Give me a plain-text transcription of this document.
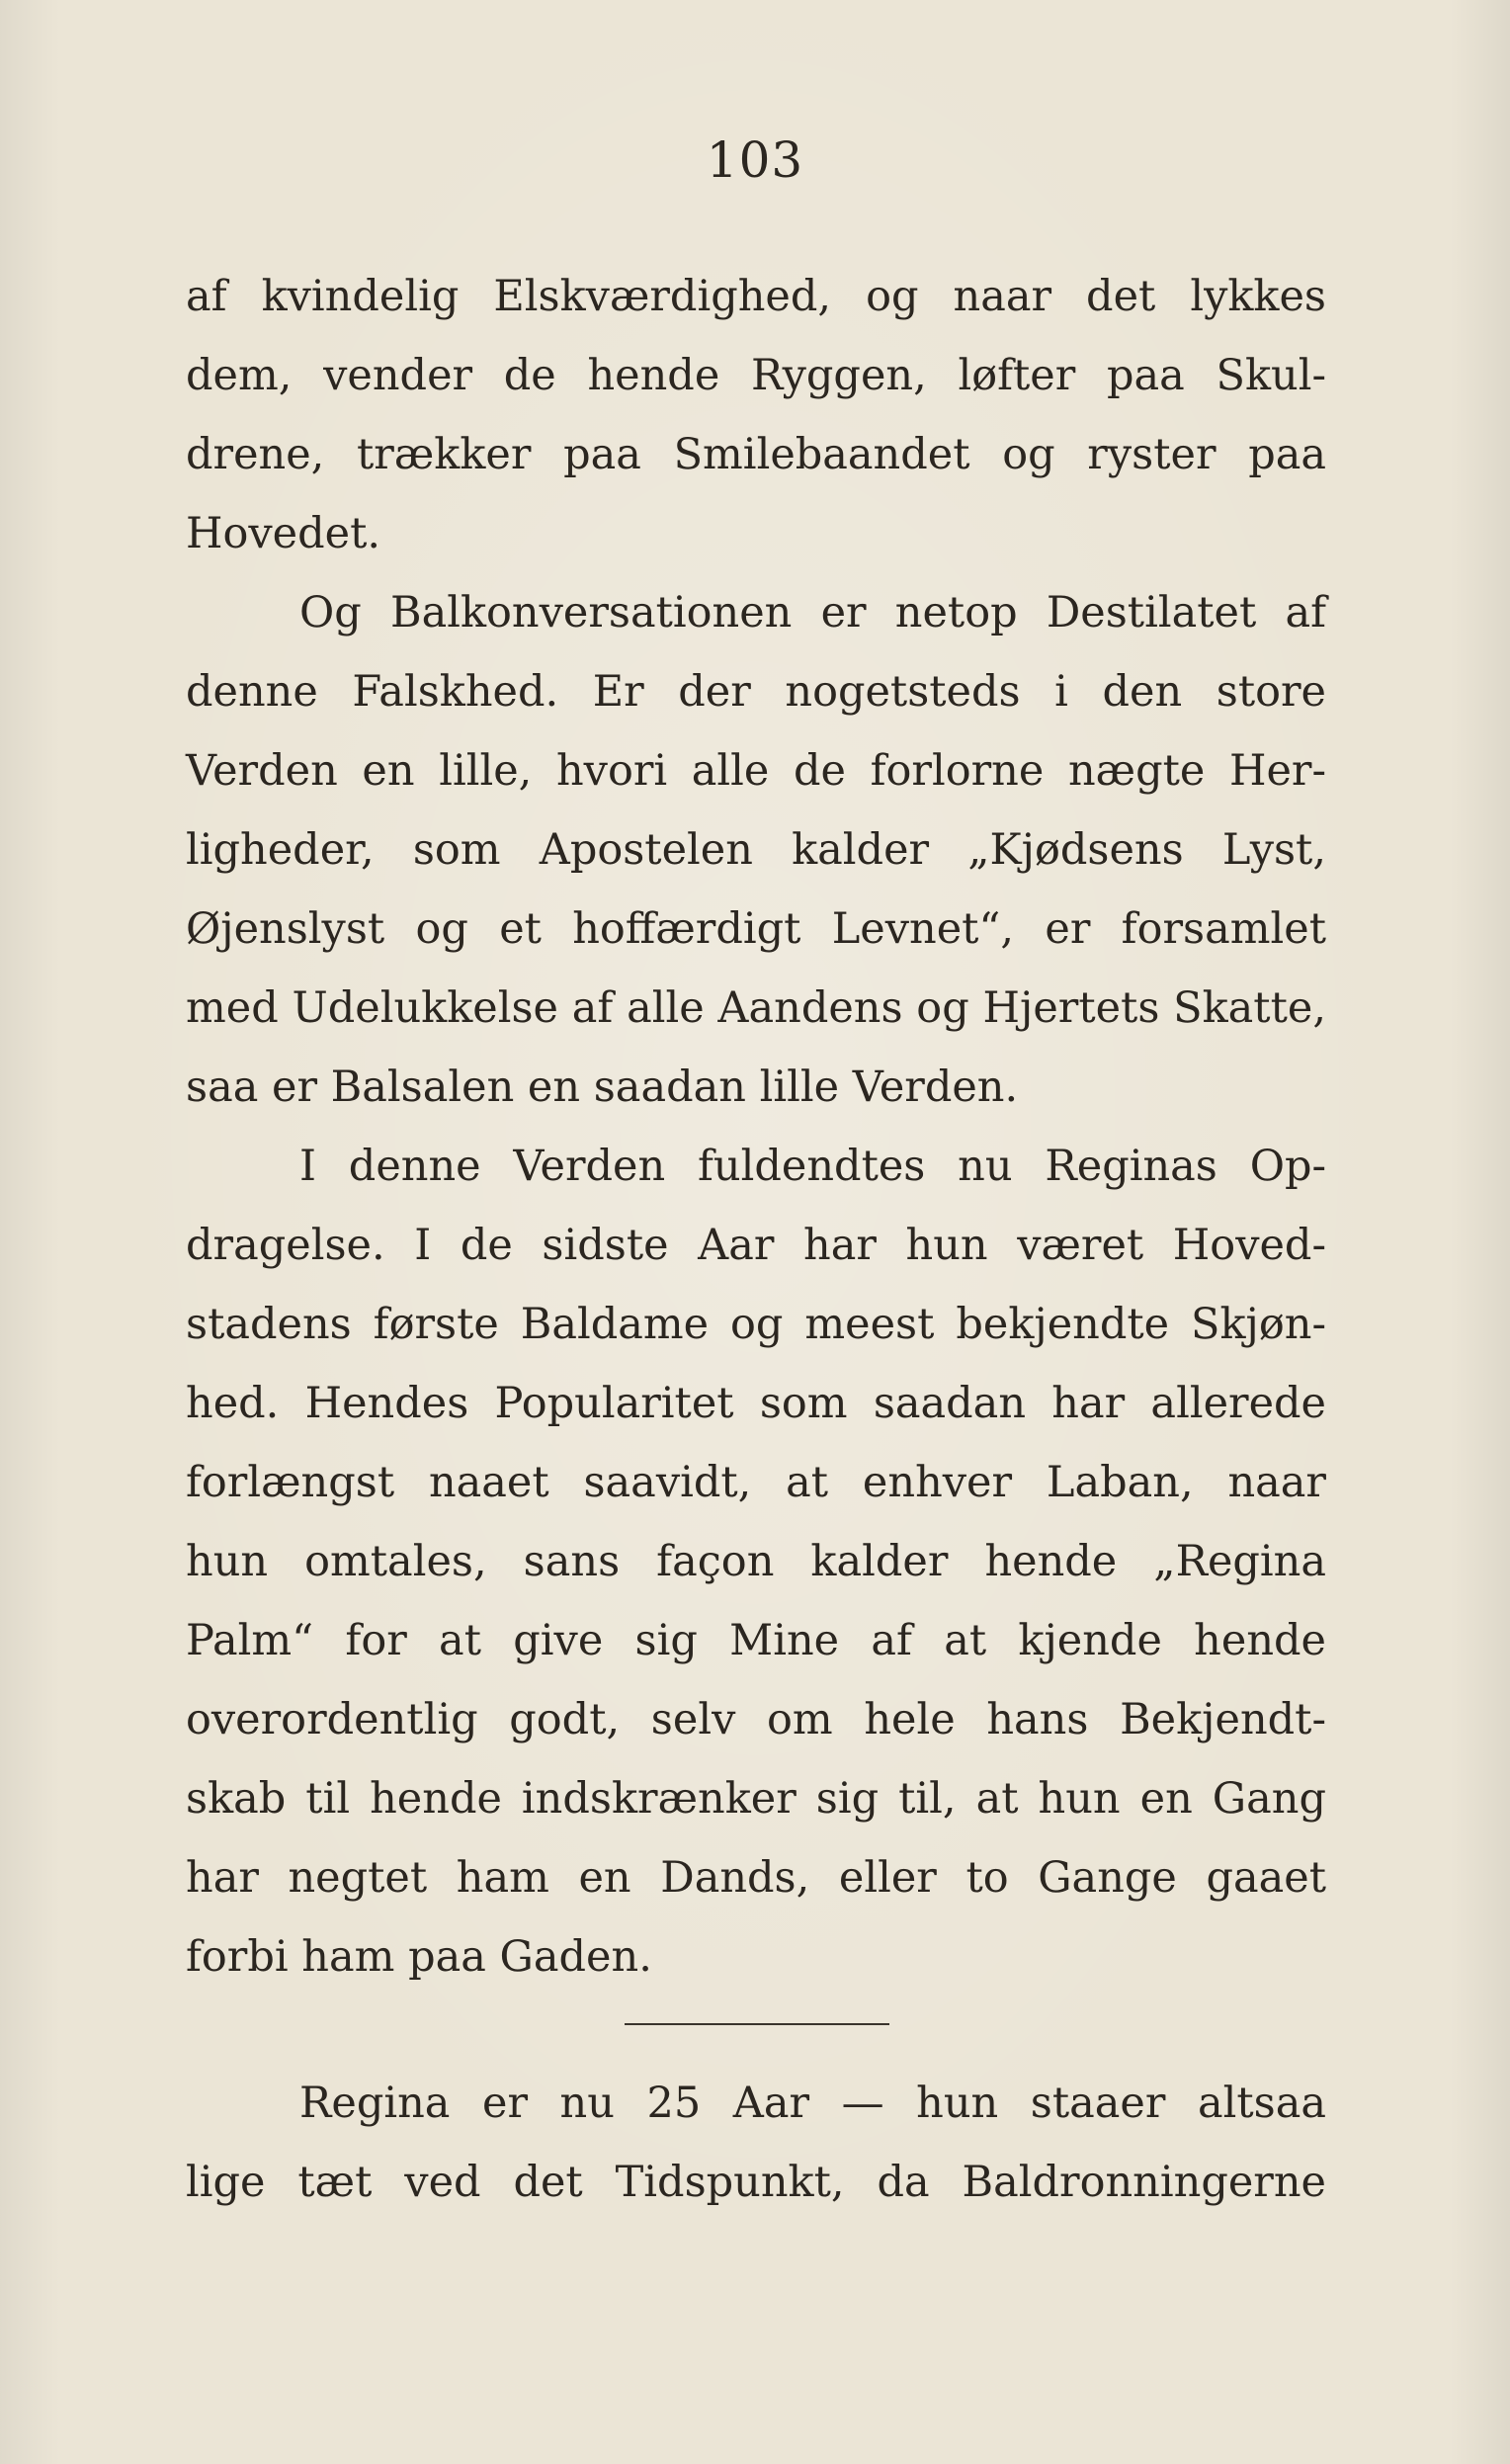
103
af kvindelig Elskværdighed, og naar det lykkes
dem, vender de hende Ryggen, løfter paa Skul-
drene, trækker paa Smilebaandet og ryster paa
Hovedet.
Og Balkonversationen er netop Destilatet af
denne Falskhed. Er der nogetsteds i den store
Verden en lille, hvori alle de forlorne nægte Her-
ligheder, som Apostelen kalder „Kjødsens Lyst,
Øjenslyst og et hoffærdigt Levnet“, er forsamlet
med Udelukkelse af alle Aandens og Hjertets Skatte,
saa er Balsalen en saadan lille Verden.
I denne Verden fuldendtes nu Reginas Op-
dragelse. I de sidste Aar har hun været Hoved-
stadens første Baldame og meest bekjendte Skjøn-
hed. Hendes Popularitet som saadan har allerede
forlængst naaet saavidt, at enhver Laban, naar
hun omtales, sans façon kalder hende „Regina
Palm“ for at give sig Mine af at kjende hende
overordentlig godt, selv om hele hans Bekjendt-
skab til hende indskrænker sig til, at hun en Gang
har negtet ham en Dands, eller to Gange gaaet
forbi ham paa Gaden.
Regina er nu 25 Aar — hun staaer altsaa
lige tæt ved det Tidspunkt, da Baldronningerne
